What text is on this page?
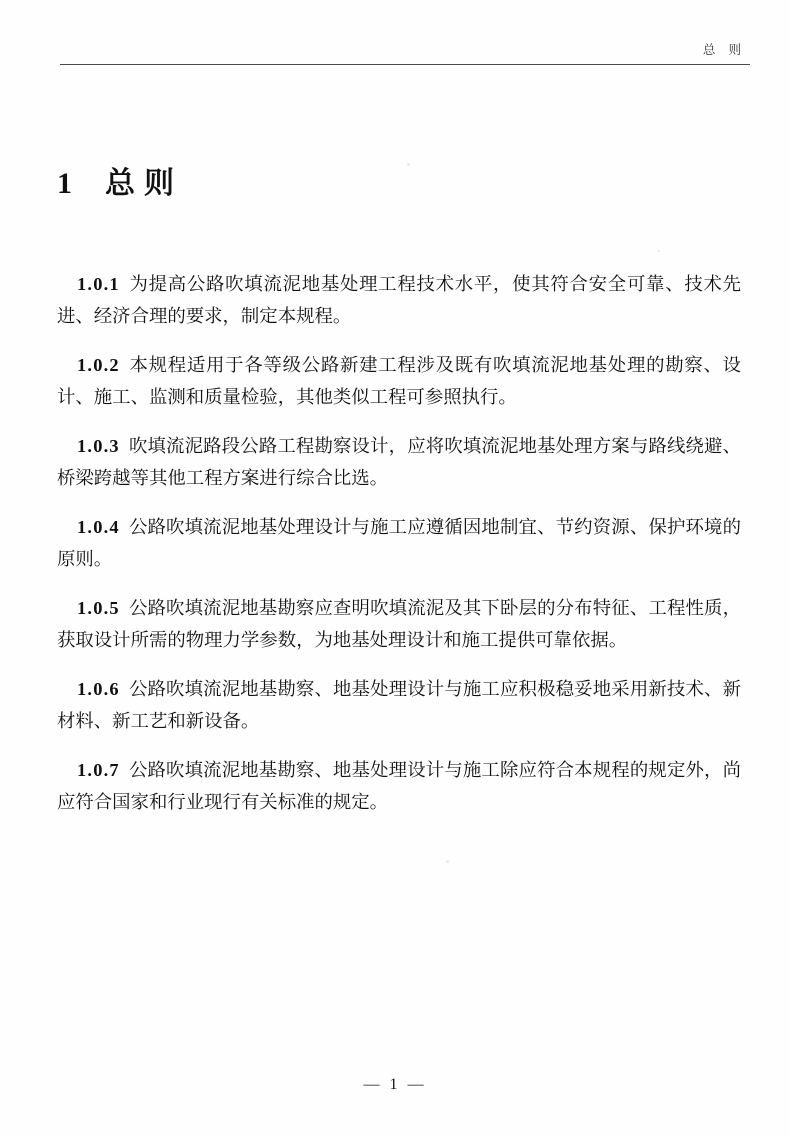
总 则
1 总则

1.0.1 为提高公路吹填流泥地基处理工程技术水平，使其符合安全可靠、技术先进、经济合理的要求，制定本规程。

1.0.2 本规程适用于各等级公路新建工程涉及既有吹填流泥地基处理的勘察、设计、施工、监测和质量检验，其他类似工程可参照执行。

1.0.3 吹填流泥路段公路工程勘察设计，应将吹填流泥地基处理方案与路线绕避、桥梁跨越等其他工程方案进行综合比选。

1.0.4 公路吹填流泥地基处理设计与施工应遵循因地制宜、节约资源、保护环境的原则。

1.0.5 公路吹填流泥地基勘察应查明吹填流泥及其下卧层的分布特征、工程性质，获取设计所需的物理力学参数，为地基处理设计和施工提供可靠依据。

1.0.6 公路吹填流泥地基勘察、地基处理设计与施工应积极稳妥地采用新技术、新材料、新工艺和新设备。

1.0.7 公路吹填流泥地基勘察、地基处理设计与施工除应符合本规程的规定外，尚应符合国家和行业现行有关标准的规定。

— 1 —
